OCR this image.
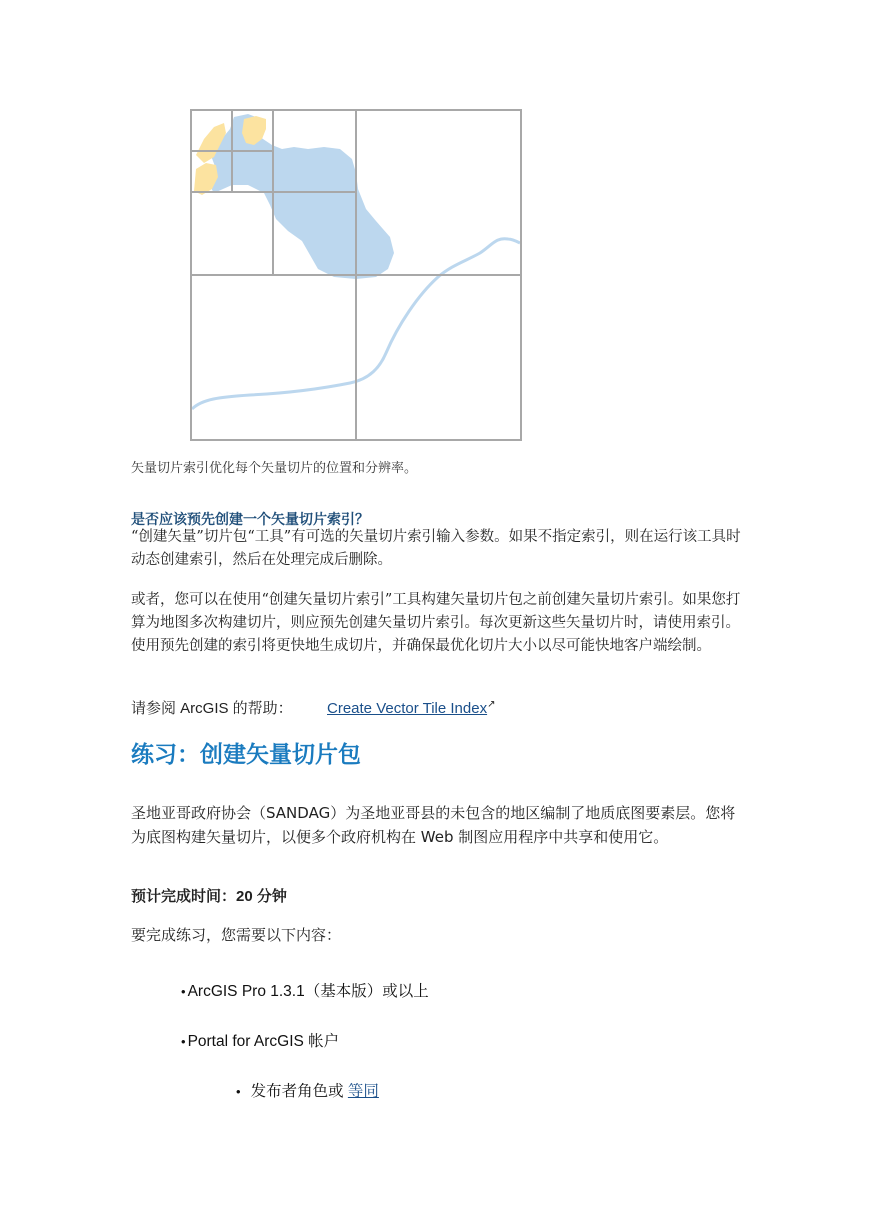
矢量切片索引优化每个矢量切片的位置和分辨率。
是否应该预先创建一个矢量切片索引？
“创建矢量”切片包“工具”有可选的矢量切片索引输入参数。如果不指定索引，则在运行该工具时动态创建索引，然后在处理完成后删除。
或者，您可以在使用“创建矢量切片索引”工具构建矢量切片包之前创建矢量切片索引。如果您打算为地图多次构建切片，则应预先创建矢量切片索引。每次更新这些矢量切片时，请使用索引。使用预先创建的索引将更快地生成切片，并确保最优化切片大小以尽可能快地客户端绘制。
请参阅 ArcGIS 的帮助： Create Vector Tile Index↗
练习：创建矢量切片包
圣地亚哥政府协会（SANDAG）为圣地亚哥县的未包含的地区编制了地质底图要素层。您将为底图构建矢量切片，以便多个政府机构在 Web 制图应用程序中共享和使用它。
预计完成时间：20 分钟
要完成练习，您需要以下内容：
• ArcGIS Pro 1.3.1（基本版）或以上
• Portal for ArcGIS 帐户
• 发布者角色或 等同
